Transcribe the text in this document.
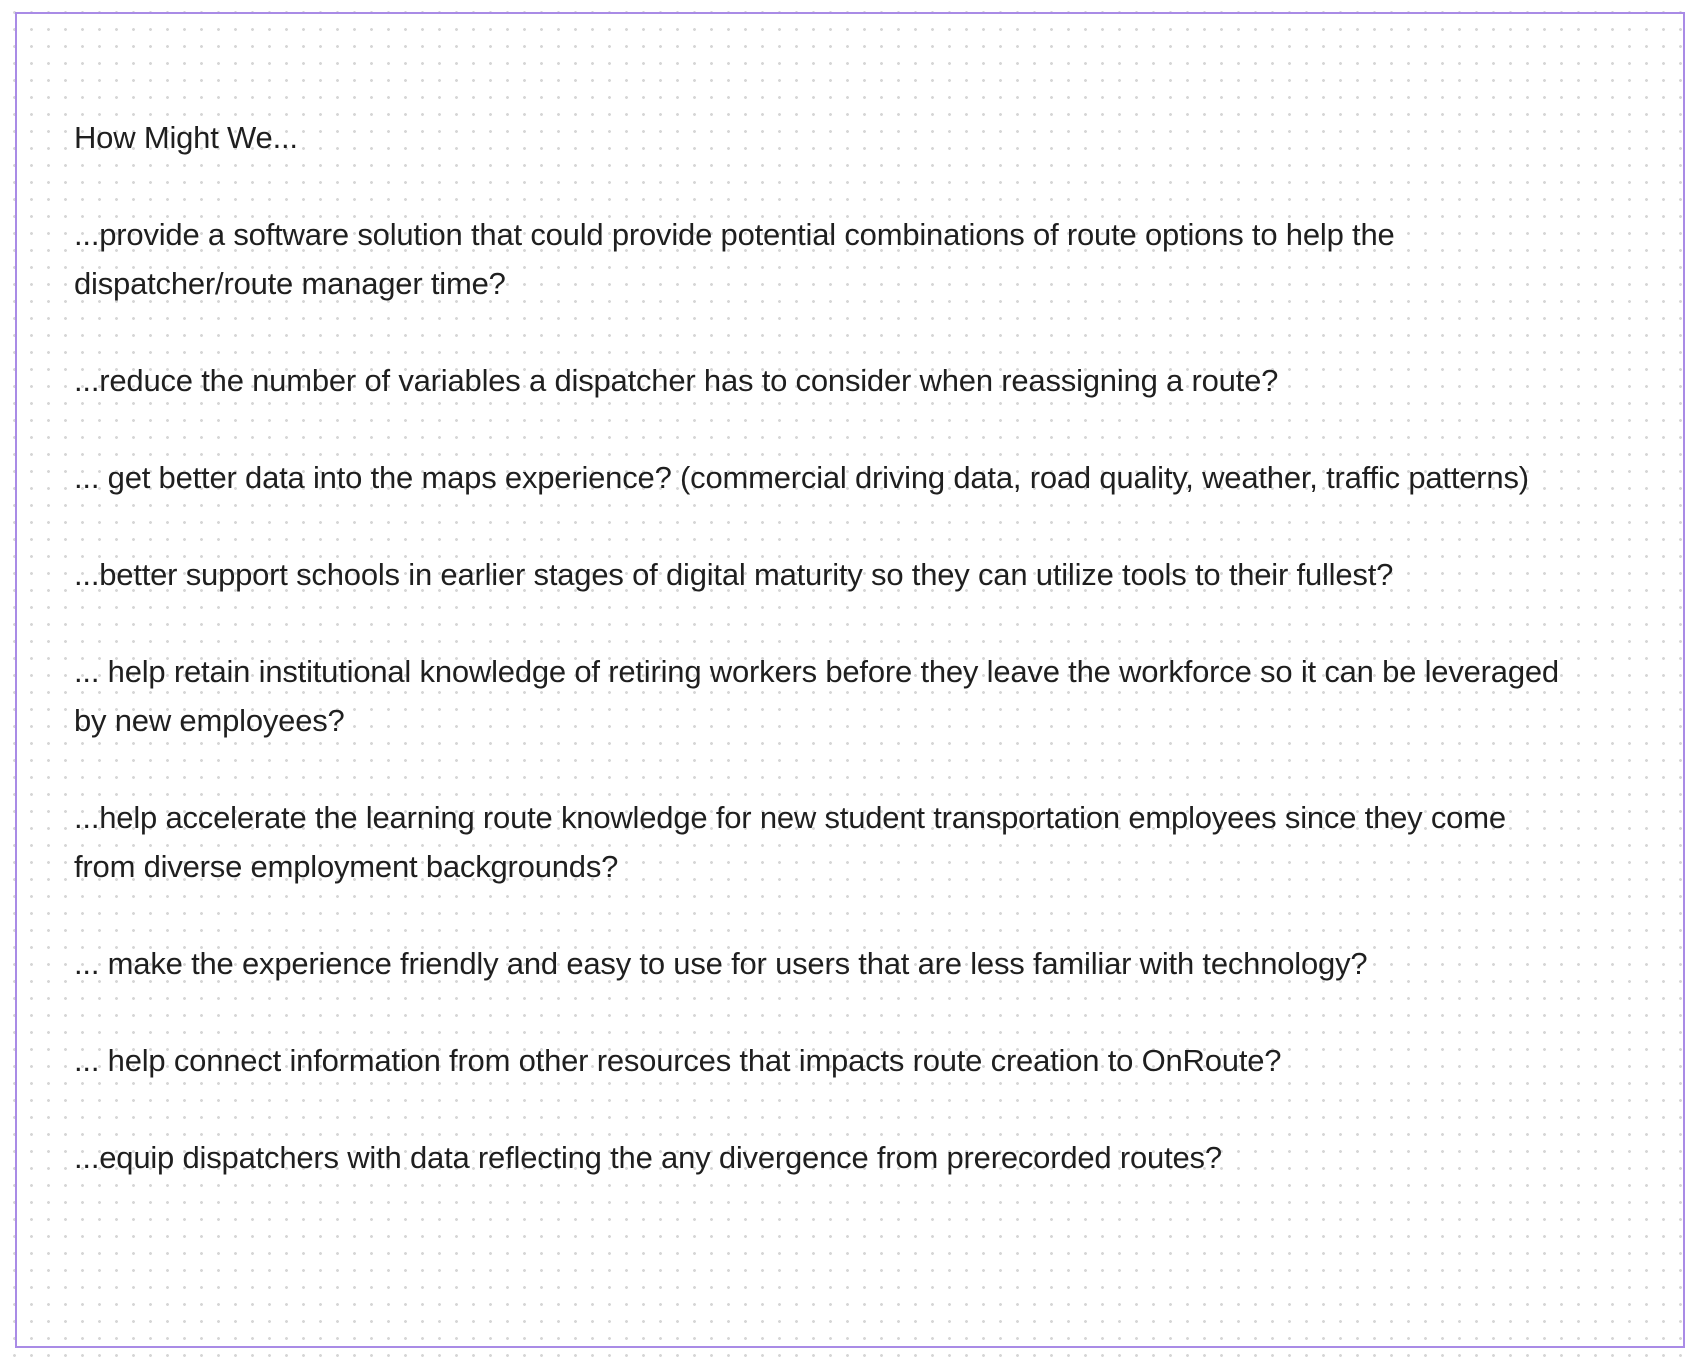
How Might We...

...provide a software solution that could provide potential combinations of route options to help the dispatcher/route manager time?

...reduce the number of variables a dispatcher has to consider when reassigning a route?

... get better data into the maps experience? (commercial driving data, road quality, weather, traffic patterns)

...better support schools in earlier stages of digital maturity so they can utilize tools to their fullest?

... help retain institutional knowledge of retiring workers before they leave the workforce so it can be leveraged by new employees?

...help accelerate the learning route knowledge for new student transportation employees since they come from diverse employment backgrounds?

... make the experience friendly and easy to use for users that are less familiar with technology?

... help connect information from other resources that impacts route creation to OnRoute?

...equip dispatchers with data reflecting the any divergence from prerecorded routes?
